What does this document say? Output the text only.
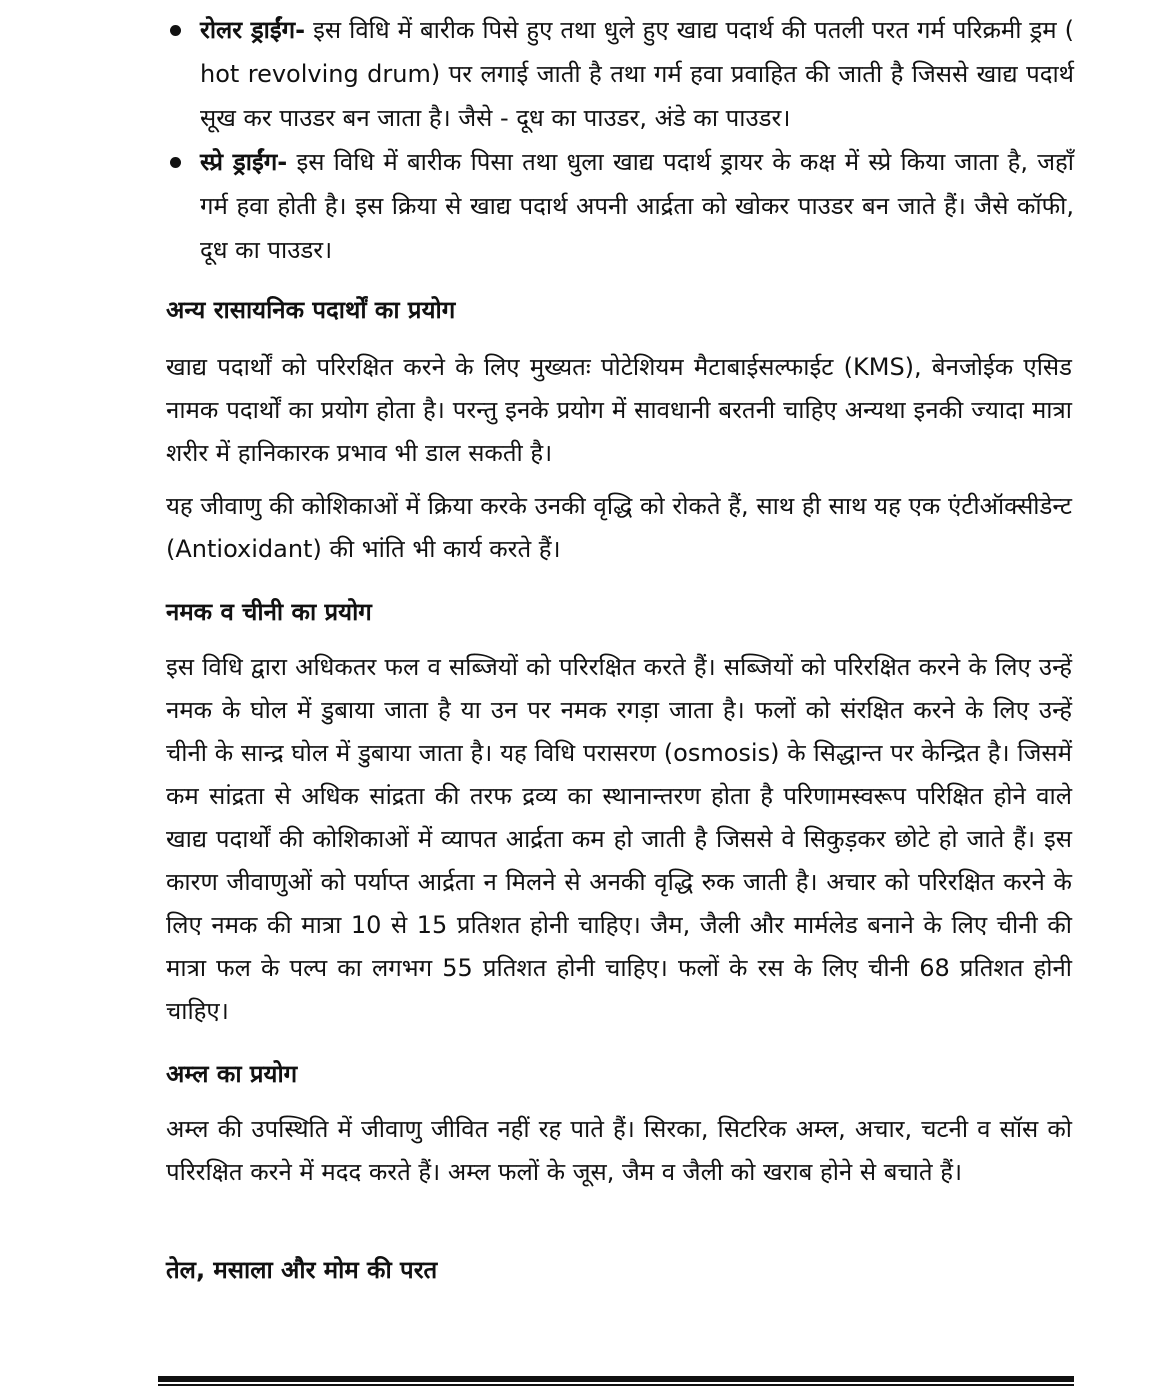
रोलर ड्राईंग- इस विधि में बारीक पिसे हुए तथा धुले हुए खाद्य पदार्थ की पतली परत गर्म परिक्रमी ड्रम ( hot revolving drum) पर लगाई जाती है तथा गर्म हवा प्रवाहित की जाती है जिससे खाद्य पदार्थ सूख कर पाउडर बन जाता है। जैसे - दूध का पाउडर, अंडे का पाउडर।
स्प्रे ड्राईंग- इस विधि में बारीक पिसा तथा धुला खाद्य पदार्थ ड्रायर के कक्ष में स्प्रे किया जाता है, जहाँ गर्म हवा होती है। इस क्रिया से खाद्य पदार्थ अपनी आर्द्रता को खोकर पाउडर बन जाते हैं। जैसे कॉफी, दूध का पाउडर।
अन्य रासायनिक पदार्थों का प्रयोग
खाद्य पदार्थों को परिरक्षित करने के लिए मुख्यतः पोटेशियम मैटाबाईसल्फाईट (KMS), बेनजोईक एसिड नामक पदार्थों का प्रयोग होता है। परन्तु इनके प्रयोग में सावधानी बरतनी चाहिए अन्यथा इनकी ज्यादा मात्रा शरीर में हानिकारक प्रभाव भी डाल सकती है।
यह जीवाणु की कोशिकाओं में क्रिया करके उनकी वृद्धि को रोकते हैं, साथ ही साथ यह एक एंटीऑक्सीडेन्ट (Antioxidant) की भांति भी कार्य करते हैं।
नमक व चीनी का प्रयोग
इस विधि द्वारा अधिकतर फल व सब्जियों को परिरक्षित करते हैं। सब्जियों को परिरक्षित करने के लिए उन्हें नमक के घोल में डुबाया जाता है या उन पर नमक रगड़ा जाता है। फलों को संरक्षित करने के लिए उन्हें चीनी के सान्द्र घोल में डुबाया जाता है। यह विधि परासरण (osmosis) के सिद्धान्त पर केन्द्रित है। जिसमें कम सांद्रता से अधिक सांद्रता की तरफ द्रव्य का स्थानान्तरण होता है परिणामस्वरूप परिक्षित होने वाले खाद्य पदार्थों की कोशिकाओं में व्यापत आर्द्रता कम हो जाती है जिससे वे सिकुड़कर छोटे हो जाते हैं। इस कारण जीवाणुओं को पर्याप्त आर्द्रता न मिलने से अनकी वृद्धि रुक जाती है। अचार को परिरक्षित करने के लिए नमक की मात्रा 10 से 15 प्रतिशत होनी चाहिए। जैम, जैली और मार्मलेड बनाने के लिए चीनी की मात्रा फल के पल्प का लगभग 55 प्रतिशत होनी चाहिए। फलों के रस के लिए चीनी 68 प्रतिशत होनी चाहिए।
अम्ल का प्रयोग
अम्ल की उपस्थिति में जीवाणु जीवित नहीं रह पाते हैं। सिरका, सिटरिक अम्ल, अचार, चटनी व सॉस को परिरक्षित करने में मदद करते हैं। अम्ल फलों के जूस, जैम व जैली को खराब होने से बचाते हैं।
तेल, मसाला और मोम की परत
